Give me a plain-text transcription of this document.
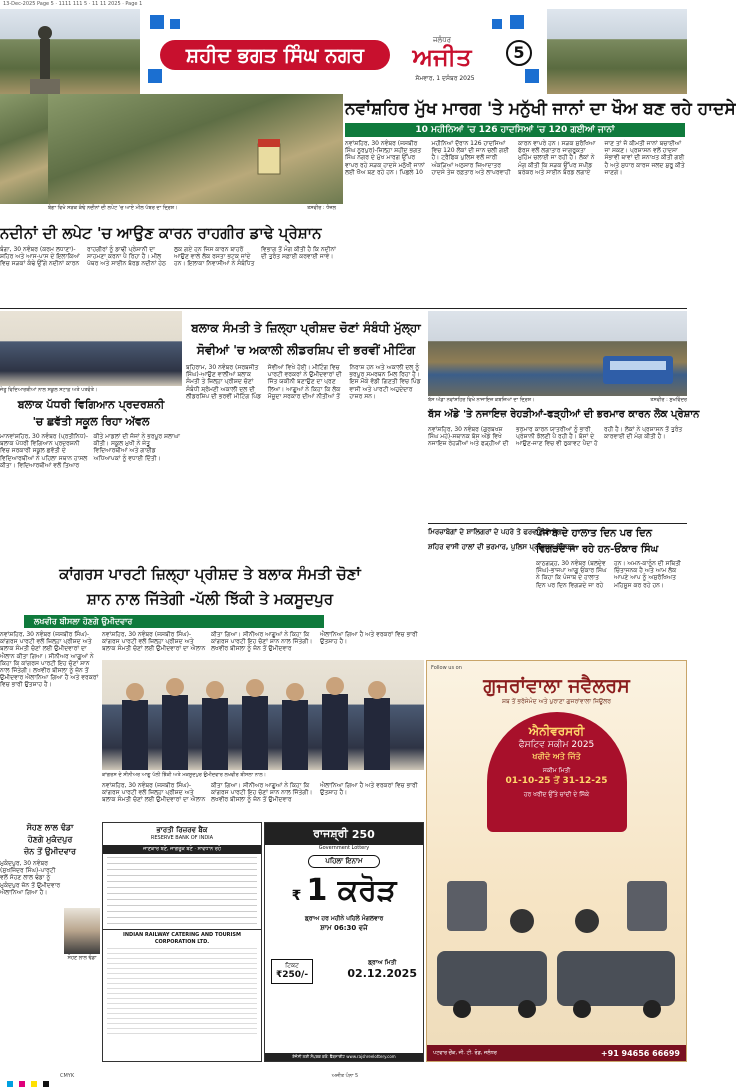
13-Dec-2025 Page 5 · 1111 111 5 · 11 11 2025 · Page 1
ਸ਼ਹੀਦ ਭਗਤ ਸਿੰਘ ਨਗਰ
ਜਲੰਧਰ
ਅਜੀਤ
ਸੋਮਵਾਰ, 1 ਦਸੰਬਰ 2025
5
ਬੰਗਾ ਵਿਖੇ ਸੜਕ ਕੰਢੇ ਨਦੀਨਾਂ ਦੀ ਲਪੇਟ 'ਚ ਆਏ ਮੀਲ ਪੱਥਰ ਦਾ ਦ੍ਰਿਸ਼।	ਤਸਵੀਰ : ਧੰਜਲ
ਨਵਾਂਸ਼ਹਿਰ ਮੁੱਖ ਮਾਰਗ 'ਤੇ ਮਨੁੱਖੀ ਜਾਨਾਂ ਦਾ ਖੌਅ ਬਣ ਰਹੇ ਹਾਦਸੇ
10 ਮਹੀਨਿਆਂ 'ਚ 126 ਹਾਦਸਿਆਂ 'ਚ 120 ਗਈਆਂ ਜਾਨਾਂ
ਨਵਾਂਸ਼ਹਿਰ, 30 ਨਵੰਬਰ (ਜਸਬੀਰ ਸਿੰਘ ਨੂਰਪੁਰ)-ਜ਼ਿਲ੍ਹਾ ਸ਼ਹੀਦ ਭਗਤ ਸਿੰਘ ਨਗਰ ਦੇ ਮੁੱਖ ਮਾਰਗ ਉੱਪਰ ਵਾਪਰ ਰਹੇ ਸੜਕ ਹਾਦਸੇ ਮਨੁੱਖੀ ਜਾਨਾਂ ਲਈ ਖੌਅ ਬਣ ਰਹੇ ਹਨ। ਪਿਛਲੇ 10 ਮਹੀਨਿਆਂ ਦੌਰਾਨ 126 ਹਾਦਸਿਆਂ ਵਿਚ 120 ਲੋਕਾਂ ਦੀ ਜਾਨ ਚਲੀ ਗਈ ਹੈ। ਟ੍ਰੈਫਿਕ ਪੁਲਿਸ ਵਲੋਂ ਜਾਰੀ ਅੰਕੜਿਆਂ ਅਨੁਸਾਰ ਜ਼ਿਆਦਾਤਰ ਹਾਦਸੇ ਤੇਜ਼ ਰਫ਼ਤਾਰ ਅਤੇ ਲਾਪਰਵਾਹੀ ਕਾਰਨ ਵਾਪਰੇ ਹਨ। ਸੜਕ ਸੁਰੱਖਿਆ ਫੋਰਸ ਵਲੋਂ ਲਗਾਤਾਰ ਜਾਗਰੂਕਤਾ ਮੁਹਿੰਮ ਚਲਾਈ ਜਾ ਰਹੀ ਹੈ। ਲੋਕਾਂ ਨੇ ਮੰਗ ਕੀਤੀ ਕਿ ਸੜਕ ਉੱਪਰ ਸਪੀਡ ਬਰੇਕਰ ਅਤੇ ਸਾਈਨ ਬੋਰਡ ਲਗਾਏ ਜਾਣ ਤਾਂ ਜੋ ਕੀਮਤੀ ਜਾਨਾਂ ਬਚਾਈਆਂ ਜਾ ਸਕਣ। ਪ੍ਰਸ਼ਾਸਨ ਵਲੋਂ ਹਾਦਸਾ ਸੰਭਾਵੀ ਥਾਵਾਂ ਦੀ ਸ਼ਨਾਖ਼ਤ ਕੀਤੀ ਗਈ ਹੈ ਅਤੇ ਸੁਧਾਰ ਕਾਰਜ ਜਲਦ ਸ਼ੁਰੂ ਕੀਤੇ ਜਾਣਗੇ।
ਨਦੀਨਾਂ ਦੀ ਲਪੇਟ 'ਚ ਆਉਣ ਕਾਰਨ ਰਾਹਗੀਰ ਡਾਢੇ ਪ੍ਰੇਸ਼ਾਨ
ਬੰਗਾ, 30 ਨਵੰਬਰ (ਕਰਮ ਲਧਾਣਾ)-ਸ਼ਹਿਰ ਅਤੇ ਆਸ-ਪਾਸ ਦੇ ਇਲਾਕਿਆਂ ਵਿਚ ਸੜਕਾਂ ਕੰਢੇ ਉੱਗੇ ਨਦੀਨਾਂ ਕਾਰਨ ਰਾਹਗੀਰਾਂ ਨੂੰ ਡਾਢੀ ਪ੍ਰੇਸ਼ਾਨੀ ਦਾ ਸਾਹਮਣਾ ਕਰਨਾ ਪੈ ਰਿਹਾ ਹੈ। ਮੀਲ ਪੱਥਰ ਅਤੇ ਸਾਈਨ ਬੋਰਡ ਨਦੀਨਾਂ ਹੇਠ ਲੁਕ ਗਏ ਹਨ ਜਿਸ ਕਾਰਨ ਬਾਹਰੋਂ ਆਉਣ ਵਾਲੇ ਲੋਕ ਰਸਤਾ ਭਟਕ ਜਾਂਦੇ ਹਨ। ਇਲਾਕਾ ਨਿਵਾਸੀਆਂ ਨੇ ਸੰਬੰਧਿਤ ਵਿਭਾਗ ਤੋਂ ਮੰਗ ਕੀਤੀ ਹੈ ਕਿ ਨਦੀਨਾਂ ਦੀ ਤੁਰੰਤ ਸਫ਼ਾਈ ਕਰਵਾਈ ਜਾਵੇ।
ਜੇਤੂ ਵਿਦਿਆਰਥੀਆਂ ਨਾਲ ਸਕੂਲ ਸਟਾਫ਼ ਅਤੇ ਪਤਵੰਤੇ।
ਬਲਾਕ ਪੱਧਰੀ ਵਿਗਿਆਨ ਪ੍ਰਦਰਸ਼ਨੀ
'ਚ ਛਵੱਤੀ ਸਕੂਲ ਰਿਹਾ ਅੱਵਲ
ਮਾਨਵਾਂਸ਼ਹਿਰ, 30 ਨਵੰਬਰ (ਪ੍ਰਤੀਨਿਧ)-ਬਲਾਕ ਪੱਧਰੀ ਵਿਗਿਆਨ ਪ੍ਰਦਰਸ਼ਨੀ ਵਿਚ ਸਰਕਾਰੀ ਸਕੂਲ ਛਵੱਤੀ ਦੇ ਵਿਦਿਆਰਥੀਆਂ ਨੇ ਪਹਿਲਾ ਸਥਾਨ ਹਾਸਲ ਕੀਤਾ। ਵਿਦਿਆਰਥੀਆਂ ਵਲੋਂ ਤਿਆਰ ਕੀਤੇ ਮਾਡਲਾਂ ਦੀ ਜੱਜਾਂ ਨੇ ਭਰਪੂਰ ਸ਼ਲਾਘਾ ਕੀਤੀ। ਸਕੂਲ ਮੁਖੀ ਨੇ ਜੇਤੂ ਵਿਦਿਆਰਥੀਆਂ ਅਤੇ ਗਾਈਡ ਅਧਿਆਪਕਾਂ ਨੂੰ ਵਧਾਈ ਦਿੱਤੀ।
ਬਲਾਕ ਸੰਮਤੀ ਤੇ ਜ਼ਿਲ੍ਹਾ ਪ੍ਰੀਸ਼ਦ ਚੋਣਾਂ ਸੰਬੰਧੀ ਮੁੱਲ੍ਹਾ
ਸੋਵੀਆਂ 'ਚ ਅਕਾਲੀ ਲੀਡਰਸ਼ਿਪ ਦੀ ਭਰਵੀਂ ਮੀਟਿੰਗ
ਬਹਿਰਾਮ, 30 ਨਵੰਬਰ (ਸਰਬਜੀਤ ਸਿੰਘ)-ਆਉਣ ਵਾਲੀਆਂ ਬਲਾਕ ਸੰਮਤੀ ਤੇ ਜ਼ਿਲ੍ਹਾ ਪ੍ਰੀਸ਼ਦ ਚੋਣਾਂ ਸੰਬੰਧੀ ਸ਼੍ਰੋਮਣੀ ਅਕਾਲੀ ਦਲ ਦੀ ਲੀਡਰਸ਼ਿਪ ਦੀ ਭਰਵੀਂ ਮੀਟਿੰਗ ਪਿੰਡ ਸੋਵੀਆਂ ਵਿਖੇ ਹੋਈ। ਮੀਟਿੰਗ ਵਿਚ ਪਾਰਟੀ ਵਰਕਰਾਂ ਨੇ ਉਮੀਦਵਾਰਾਂ ਦੀ ਜਿੱਤ ਯਕੀਨੀ ਬਣਾਉਣ ਦਾ ਪ੍ਰਣ ਲਿਆ। ਆਗੂਆਂ ਨੇ ਕਿਹਾ ਕਿ ਲੋਕ ਮੌਜੂਦਾ ਸਰਕਾਰ ਦੀਆਂ ਨੀਤੀਆਂ ਤੋਂ ਨਿਰਾਸ਼ ਹਨ ਅਤੇ ਅਕਾਲੀ ਦਲ ਨੂੰ ਭਰਪੂਰ ਸਮਰਥਨ ਮਿਲ ਰਿਹਾ ਹੈ। ਇਸ ਮੌਕੇ ਵੱਡੀ ਗਿਣਤੀ ਵਿਚ ਪਿੰਡ ਵਾਸੀ ਅਤੇ ਪਾਰਟੀ ਅਹੁਦੇਦਾਰ ਹਾਜ਼ਰ ਸਨ।
ਬੱਸ ਅੱਡਾ ਨਵਾਂਸ਼ਹਿਰ ਵਿਖੇ ਨਾਜਾਇਜ਼ ਕਬਜ਼ਿਆਂ ਦਾ ਦ੍ਰਿਸ਼।	ਤਸਵੀਰ : ਸੁਖਵਿੰਦਰ
ਬੱਸ ਅੱਡੇ 'ਤੇ ਨਜਾਇਜ਼ ਰੇਹੜੀਆਂ-ਫੜ੍ਹੀਆਂ ਦੀ ਭਰਮਾਰ ਕਾਰਨ ਲੋਕ ਪ੍ਰੇਸ਼ਾਨ
ਨਵਾਂਸ਼ਹਿਰ, 30 ਨਵੰਬਰ (ਗੁਰਬਖਸ਼ ਸਿੰਘ ਮਹੇ)-ਸਥਾਨਕ ਬੱਸ ਅੱਡੇ ਵਿਖੇ ਨਜਾਇਜ਼ ਰੇਹੜੀਆਂ ਅਤੇ ਫੜ੍ਹੀਆਂ ਦੀ ਭਰਮਾਰ ਕਾਰਨ ਯਾਤਰੀਆਂ ਨੂੰ ਭਾਰੀ ਪ੍ਰੇਸ਼ਾਨੀ ਝੱਲਣੀ ਪੈ ਰਹੀ ਹੈ। ਬੱਸਾਂ ਦੇ ਆਉਣ-ਜਾਣ ਵਿਚ ਵੀ ਰੁਕਾਵਟ ਪੈਦਾ ਹੋ ਰਹੀ ਹੈ। ਲੋਕਾਂ ਨੇ ਪ੍ਰਸ਼ਾਸਨ ਤੋਂ ਤੁਰੰਤ ਕਾਰਵਾਈ ਦੀ ਮੰਗ ਕੀਤੀ ਹੈ।
ਮਿਰਜ਼ਾਬੇਗਾਂ ਦੇ ਸ਼ਾਲਿਗਰਾਂ ਦੇ ਪਹਰੇ ਤੇ ਫਰਵਾਈਏ ਸੇਗ
ਸ਼ਹਿਰ ਵਾਸੀ ਹਾਲਾਂ ਦੀ ਭਰਮਾਰ, ਪੁਲਿਸ ਪ੍ਰਸ਼ਾਸਨ ਬੇਖ਼ਬਰ
ਪੰਜਾਬ ਦੇ ਹਾਲਾਤ ਦਿਨ ਪਰ ਦਿਨ
ਵਿਗੜਦੇ ਜਾ ਰਹੇ ਹਨ-ਓਂਕਾਰ ਸਿੰਘ
ਕਾਠਗੜ੍ਹ, 30 ਨਵੰਬਰ (ਬਲਦੇਵ ਸਿੰਘ)-ਭਾਜਪਾ ਆਗੂ ਓਂਕਾਰ ਸਿੰਘ ਨੇ ਕਿਹਾ ਕਿ ਪੰਜਾਬ ਦੇ ਹਾਲਾਤ ਦਿਨ ਪਰ ਦਿਨ ਵਿਗੜਦੇ ਜਾ ਰਹੇ ਹਨ। ਅਮਨ-ਕਾਨੂੰਨ ਦੀ ਸਥਿਤੀ ਚਿੰਤਾਜਨਕ ਹੈ ਅਤੇ ਆਮ ਲੋਕ ਆਪਣੇ ਆਪ ਨੂੰ ਅਸੁਰੱਖਿਅਤ ਮਹਿਸੂਸ ਕਰ ਰਹੇ ਹਨ।
ਕਾਂਗਰਸ ਪਾਰਟੀ ਜ਼ਿਲ੍ਹਾ ਪ੍ਰੀਸ਼ਦ ਤੇ ਬਲਾਕ ਸੰਮਤੀ ਚੋਣਾਂ
ਸ਼ਾਨ ਨਾਲ ਜਿੱਤੇਗੀ -ਪੱਲੀ ਝਿੱਕੀ ਤੇ ਮਕਸੂਦਪੁਰ
ਲਖਵੀਰ ਬੀਸਲਾ ਹੋਣਗੇ ਉਮੀਦਵਾਰ
ਨਵਾਂਸ਼ਹਿਰ, 30 ਨਵੰਬਰ (ਜਸਬੀਰ ਸਿੰਘ)-ਕਾਂਗਰਸ ਪਾਰਟੀ ਵਲੋਂ ਜ਼ਿਲ੍ਹਾ ਪ੍ਰੀਸ਼ਦ ਅਤੇ ਬਲਾਕ ਸੰਮਤੀ ਚੋਣਾਂ ਲਈ ਉਮੀਦਵਾਰਾਂ ਦਾ ਐਲਾਨ ਕੀਤਾ ਗਿਆ। ਸੀਨੀਅਰ ਆਗੂਆਂ ਨੇ ਕਿਹਾ ਕਿ ਕਾਂਗਰਸ ਪਾਰਟੀ ਇਹ ਚੋਣਾਂ ਸ਼ਾਨ ਨਾਲ ਜਿੱਤੇਗੀ। ਲਖਵੀਰ ਬੀਸਲਾ ਨੂੰ ਜ਼ੋਨ ਤੋਂ ਉਮੀਦਵਾਰ ਐਲਾਨਿਆ ਗਿਆ ਹੈ ਅਤੇ ਵਰਕਰਾਂ ਵਿਚ ਭਾਰੀ ਉਤਸ਼ਾਹ ਹੈ।
ਨਵਾਂਸ਼ਹਿਰ, 30 ਨਵੰਬਰ (ਜਸਬੀਰ ਸਿੰਘ)-ਕਾਂਗਰਸ ਪਾਰਟੀ ਵਲੋਂ ਜ਼ਿਲ੍ਹਾ ਪ੍ਰੀਸ਼ਦ ਅਤੇ ਬਲਾਕ ਸੰਮਤੀ ਚੋਣਾਂ ਲਈ ਉਮੀਦਵਾਰਾਂ ਦਾ ਐਲਾਨ ਕੀਤਾ ਗਿਆ। ਸੀਨੀਅਰ ਆਗੂਆਂ ਨੇ ਕਿਹਾ ਕਿ ਕਾਂਗਰਸ ਪਾਰਟੀ ਇਹ ਚੋਣਾਂ ਸ਼ਾਨ ਨਾਲ ਜਿੱਤੇਗੀ। ਲਖਵੀਰ ਬੀਸਲਾ ਨੂੰ ਜ਼ੋਨ ਤੋਂ ਉਮੀਦਵਾਰ ਐਲਾਨਿਆ ਗਿਆ ਹੈ ਅਤੇ ਵਰਕਰਾਂ ਵਿਚ ਭਾਰੀ ਉਤਸ਼ਾਹ ਹੈ।
ਕਾਂਗਰਸ ਦੇ ਸੀਨੀਅਰ ਆਗੂ ਪੱਲੀ ਝਿੱਕੀ ਅਤੇ ਮਕਸੂਦਪੁਰ ਉਮੀਦਵਾਰ ਲਖਵੀਰ ਬੀਸਲਾ ਨਾਲ।
ਨਵਾਂਸ਼ਹਿਰ, 30 ਨਵੰਬਰ (ਜਸਬੀਰ ਸਿੰਘ)-ਕਾਂਗਰਸ ਪਾਰਟੀ ਵਲੋਂ ਜ਼ਿਲ੍ਹਾ ਪ੍ਰੀਸ਼ਦ ਅਤੇ ਬਲਾਕ ਸੰਮਤੀ ਚੋਣਾਂ ਲਈ ਉਮੀਦਵਾਰਾਂ ਦਾ ਐਲਾਨ ਕੀਤਾ ਗਿਆ। ਸੀਨੀਅਰ ਆਗੂਆਂ ਨੇ ਕਿਹਾ ਕਿ ਕਾਂਗਰਸ ਪਾਰਟੀ ਇਹ ਚੋਣਾਂ ਸ਼ਾਨ ਨਾਲ ਜਿੱਤੇਗੀ। ਲਖਵੀਰ ਬੀਸਲਾ ਨੂੰ ਜ਼ੋਨ ਤੋਂ ਉਮੀਦਵਾਰ ਐਲਾਨਿਆ ਗਿਆ ਹੈ ਅਤੇ ਵਰਕਰਾਂ ਵਿਚ ਭਾਰੀ ਉਤਸ਼ਾਹ ਹੈ।
ਸੋਹਣ ਲਾਲ ਢੰਡਾ
ਹੋਣਗੇ ਮੁਕੰਦਪੁਰ
ਜ਼ੋਨ ਤੋਂ ਉਮੀਦਵਾਰ
ਮੁਕੰਦਪੁਰ, 30 ਨਵੰਬਰ (ਸੁਖਜਿੰਦਰ ਸਿੰਘ)-ਪਾਰਟੀ ਵਲੋਂ ਸੋਹਣ ਲਾਲ ਢੰਡਾ ਨੂੰ ਮੁਕੰਦਪੁਰ ਜ਼ੋਨ ਤੋਂ ਉਮੀਦਵਾਰ ਐਲਾਨਿਆ ਗਿਆ ਹੈ।
ਸੋਹਣ ਲਾਲ ਢੰਡਾ
ਭਾਰਤੀ ਰਿਜ਼ਰਵ ਬੈਂਕ
RESERVE BANK OF INDIA
ਜਾਣਕਾਰ ਬਣੋ, ਜਾਗਰੂਕ ਬਣੋ · ਸਾਵਧਾਨ ਰਹੋ
INDIAN RAILWAY CATERING AND TOURISM CORPORATION LTD.
ਰਾਜਸ਼੍ਰੀ 250
Government Lottery
ਪਹਿਲਾ ਇਨਾਮ
₹ 1 ਕਰੋੜ
ਡ੍ਰਾਅ ਹਰ ਮਹੀਨੇ ਪਹਿਲੇ ਮੰਗਲਵਾਰ
ਸ਼ਾਮ 06:30 ਵਜੇ
ਟਿਕਟ
₹250/-
ਡ੍ਰਾਅ ਮਿਤੀ
02.12.2025
ਏਜੰਸੀ ਲਈ ਸੰਪਰਕ ਕਰੋ: ਵੈੱਬਸਾਈਟ www.rajshreelottery.com
Follow us on
ਗੁਜਰਾਂਵਾਲਾ ਜਵੈਲਰਸ
ਸ਼ਬ ਤੋਂ ਭਰੋਸੇਮੰਦ ਅਤੇ ਪੁਰਾਣਾ ਗੁਜਰਾਂਵਾਲਾ ਜਿਊਲਰ
ਐਨੀਵਰਸਰੀ
ਫੈਸਟਿਵ ਸਕੀਮ 2025
ਖਰੀਦੋ ਅਤੇ ਜਿੱਤੋ
ਸਕੀਮ ਮਿਤੀ
01-10-25 ਤੋਂ 31-12-25
ਹਰ ਖਰੀਦ ਉੱਤੇ ਚਾਂਦੀ ਦੇ ਸਿੱਕੇ
ਪਟਵਾਰ ਚੌਂਕ, ਜੀ. ਟੀ. ਰੋਡ, ਜਲੰਧਰ	+91 94656 66699
CMYK	ਅਜੀਤ ਪੰਨਾ 5
